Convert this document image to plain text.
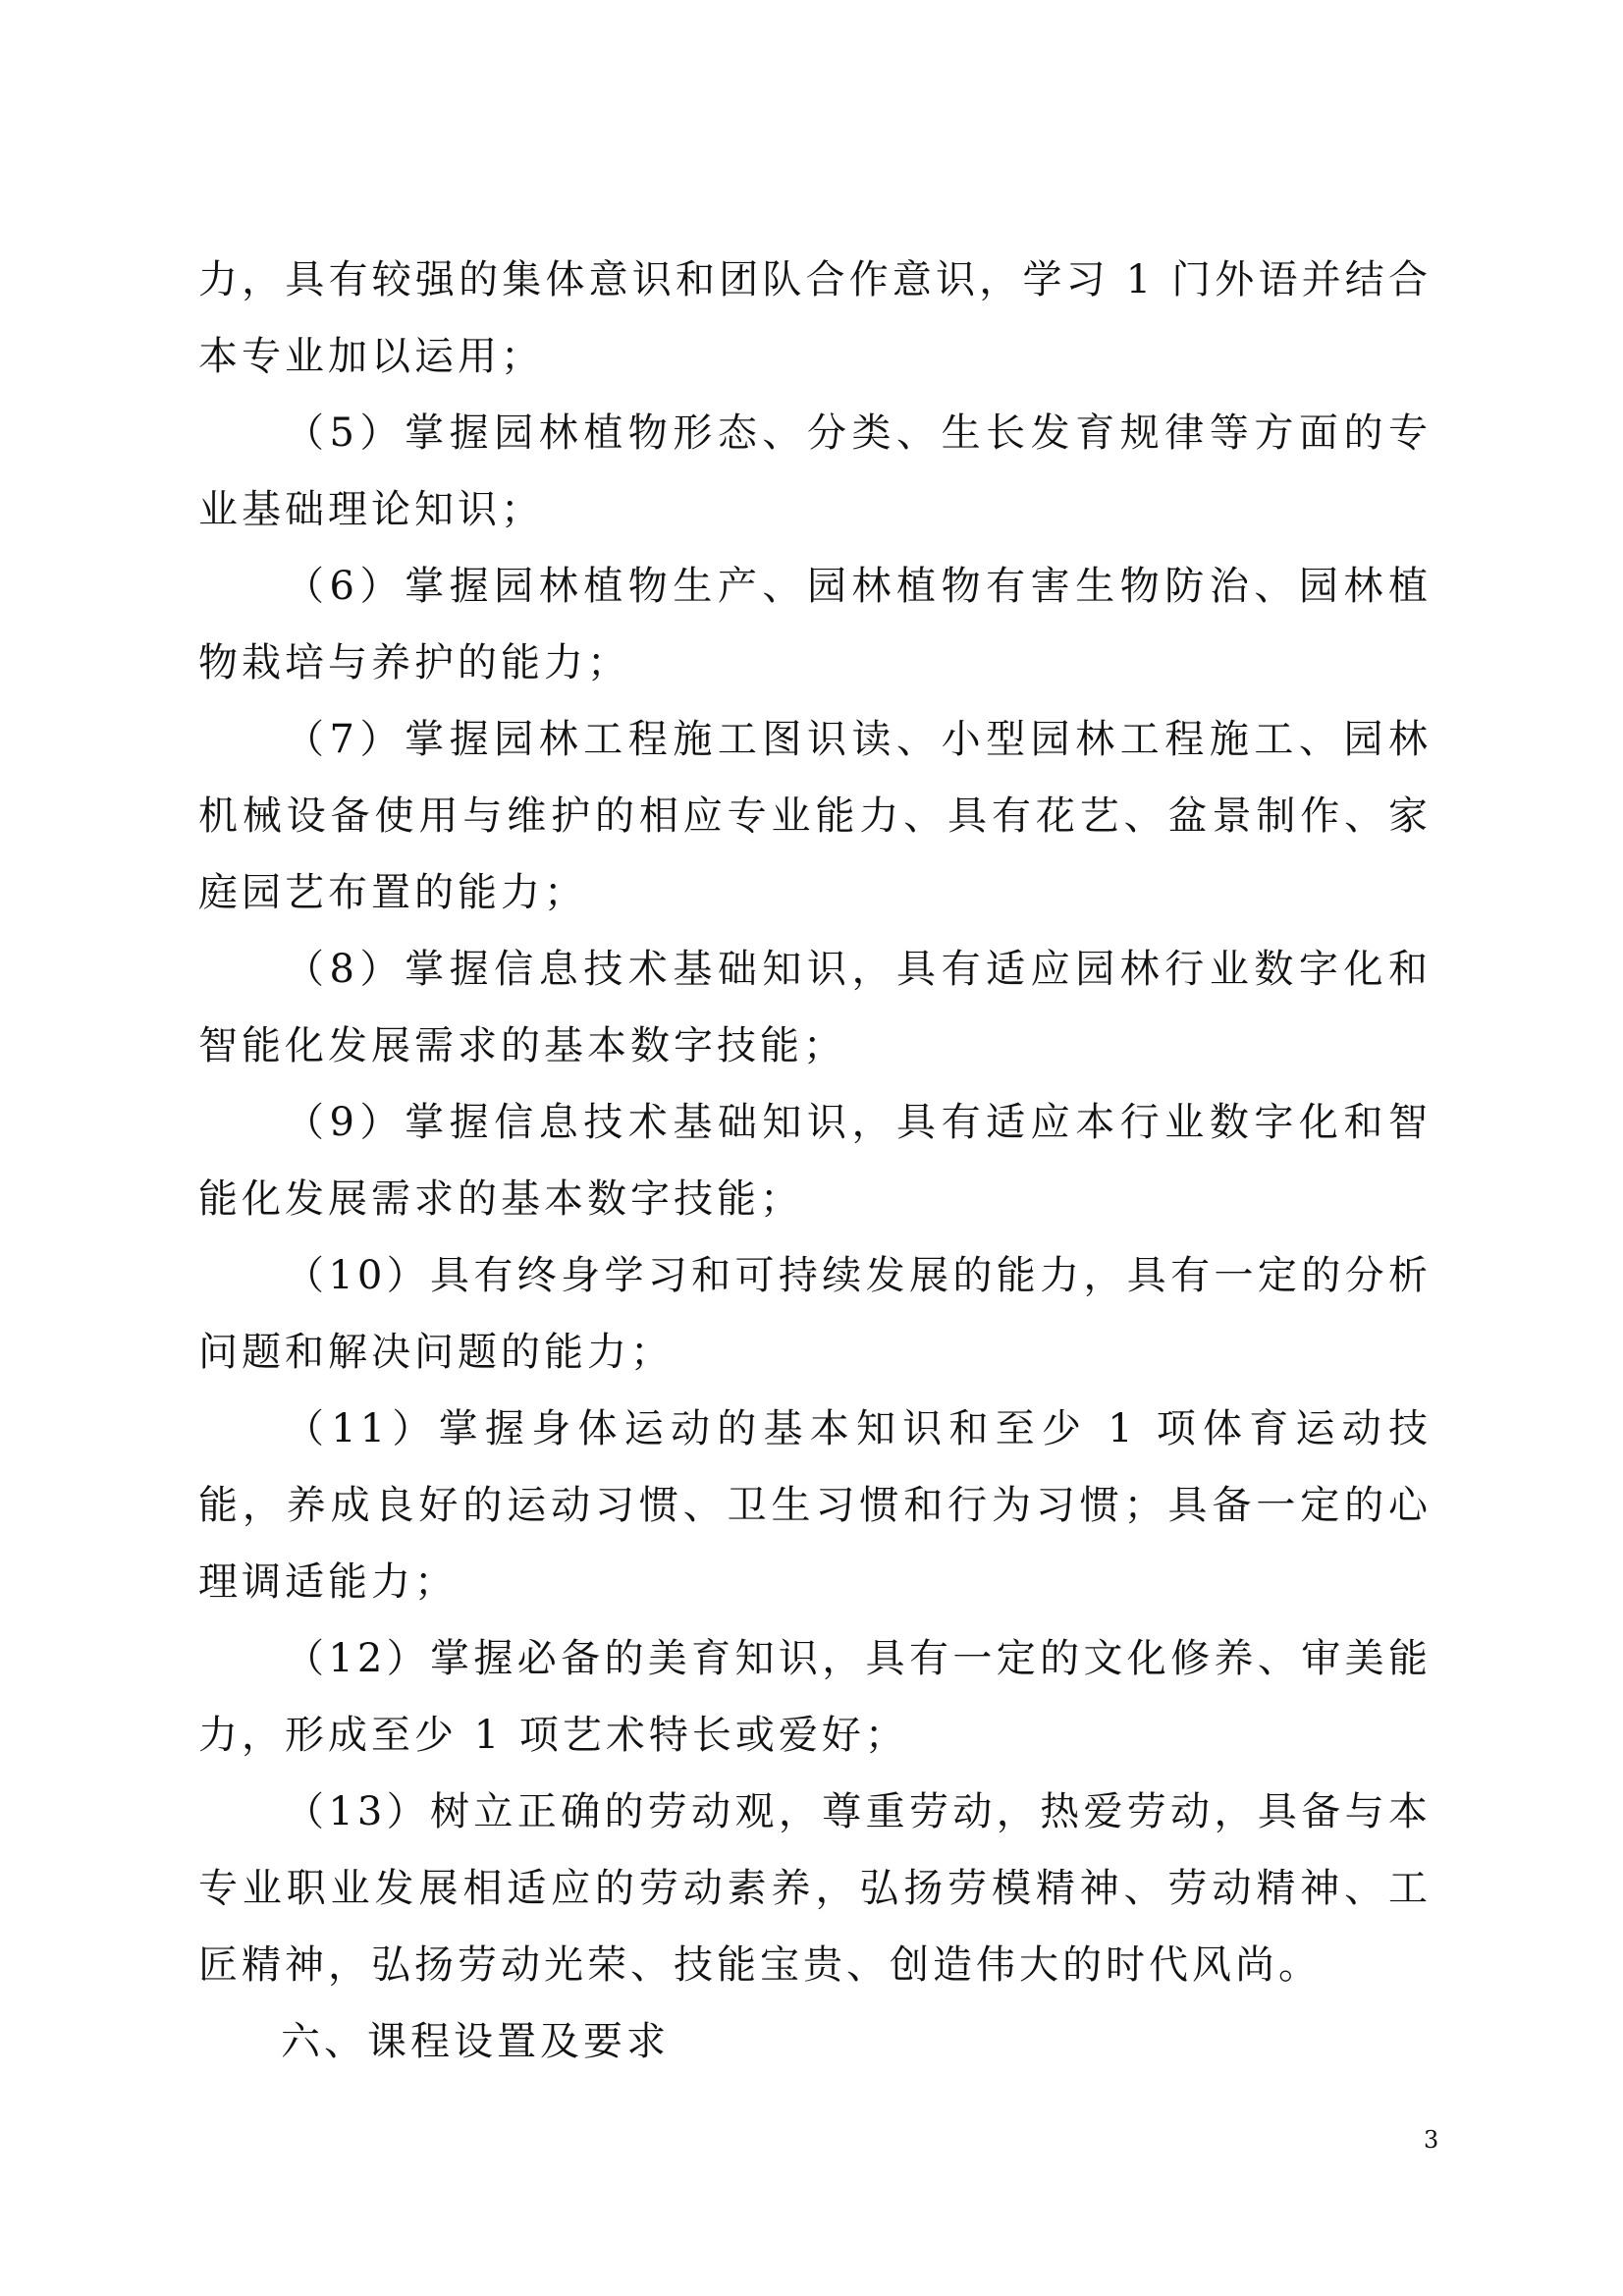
力，具有较强的集体意识和团队合作意识，学习 1 门外语并结合本专业加以运用；

（5）掌握园林植物形态、分类、生长发育规律等方面的专业基础理论知识；

（6）掌握园林植物生产、园林植物有害生物防治、园林植物栽培与养护的能力；

（7）掌握园林工程施工图识读、小型园林工程施工、园林机械设备使用与维护的相应专业能力、具有花艺、盆景制作、家庭园艺布置的能力；

（8）掌握信息技术基础知识，具有适应园林行业数字化和智能化发展需求的基本数字技能；

（9）掌握信息技术基础知识，具有适应本行业数字化和智能化发展需求的基本数字技能；

（10）具有终身学习和可持续发展的能力，具有一定的分析问题和解决问题的能力；

（11）掌握身体运动的基本知识和至少 1 项体育运动技能，养成良好的运动习惯、卫生习惯和行为习惯；具备一定的心理调适能力；

（12）掌握必备的美育知识，具有一定的文化修养、审美能力，形成至少 1 项艺术特长或爱好；

（13）树立正确的劳动观，尊重劳动，热爱劳动，具备与本专业职业发展相适应的劳动素养，弘扬劳模精神、劳动精神、工匠精神，弘扬劳动光荣、技能宝贵、创造伟大的时代风尚。

六、课程设置及要求

3
